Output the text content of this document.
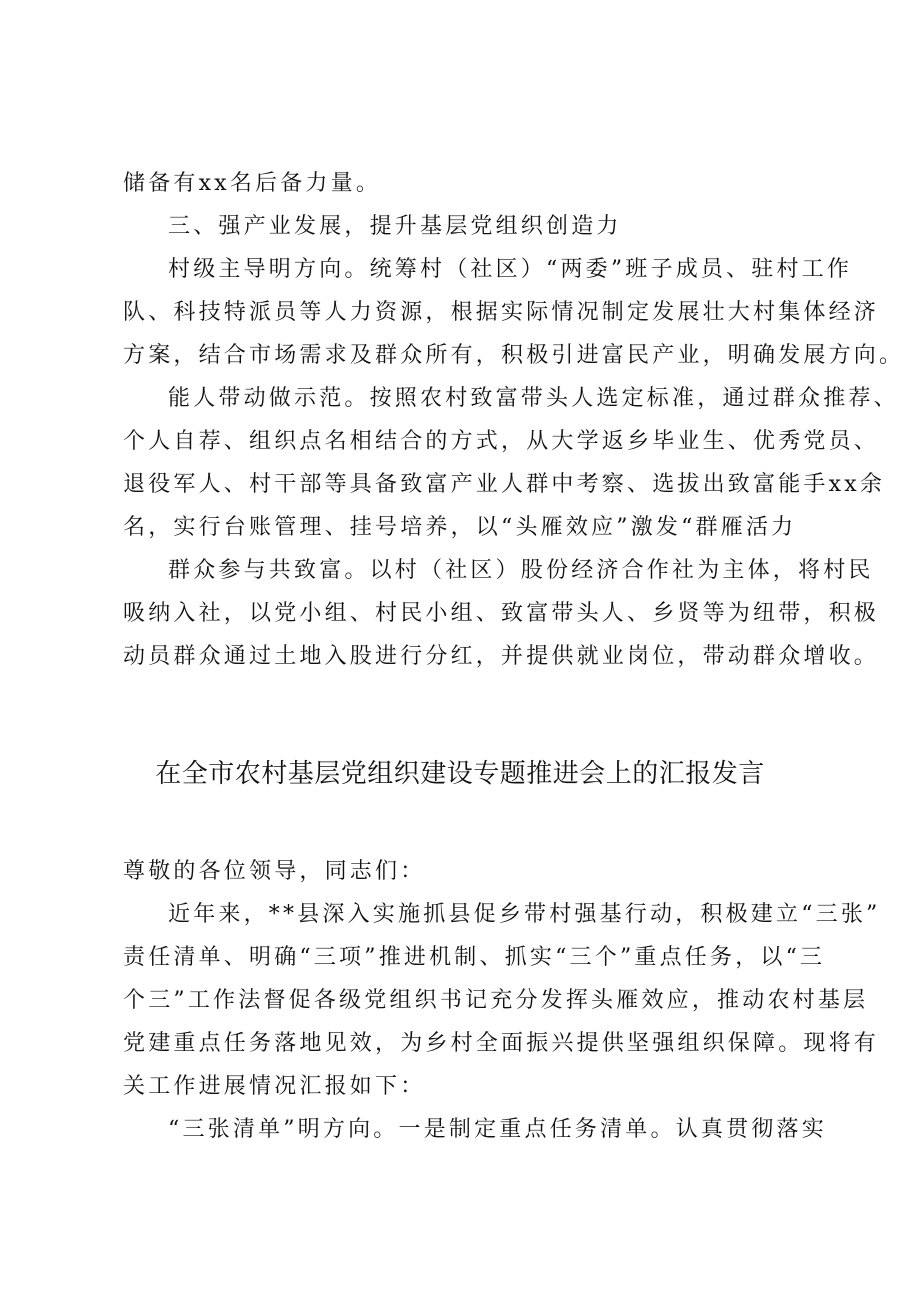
储备有xx名后备力量。
三、强产业发展，提升基层党组织创造力
村级主导明方向。统筹村（社区）“两委”班子成员、驻村工作
队、科技特派员等人力资源，根据实际情况制定发展壮大村集体经济
方案，结合市场需求及群众所有，积极引进富民产业，明确发展方向。
能人带动做示范。按照农村致富带头人选定标准，通过群众推荐、
个人自荐、组织点名相结合的方式，从大学返乡毕业生、优秀党员、
退役军人、村干部等具备致富产业人群中考察、选拔出致富能手xx余
名，实行台账管理、挂号培养，以“头雁效应”激发“群雁活力
群众参与共致富。以村（社区）股份经济合作社为主体，将村民
吸纳入社，以党小组、村民小组、致富带头人、乡贤等为纽带，积极
动员群众通过土地入股进行分红，并提供就业岗位，带动群众增收。
在全市农村基层党组织建设专题推进会上的汇报发言
尊敬的各位领导，同志们：
近年来，**县深入实施抓县促乡带村强基行动，积极建立“三张”
责任清单、明确“三项”推进机制、抓实“三个”重点任务，以“三
个三”工作法督促各级党组织书记充分发挥头雁效应，推动农村基层
党建重点任务落地见效，为乡村全面振兴提供坚强组织保障。现将有
关工作进展情况汇报如下：
“三张清单”明方向。一是制定重点任务清单。认真贯彻落实
